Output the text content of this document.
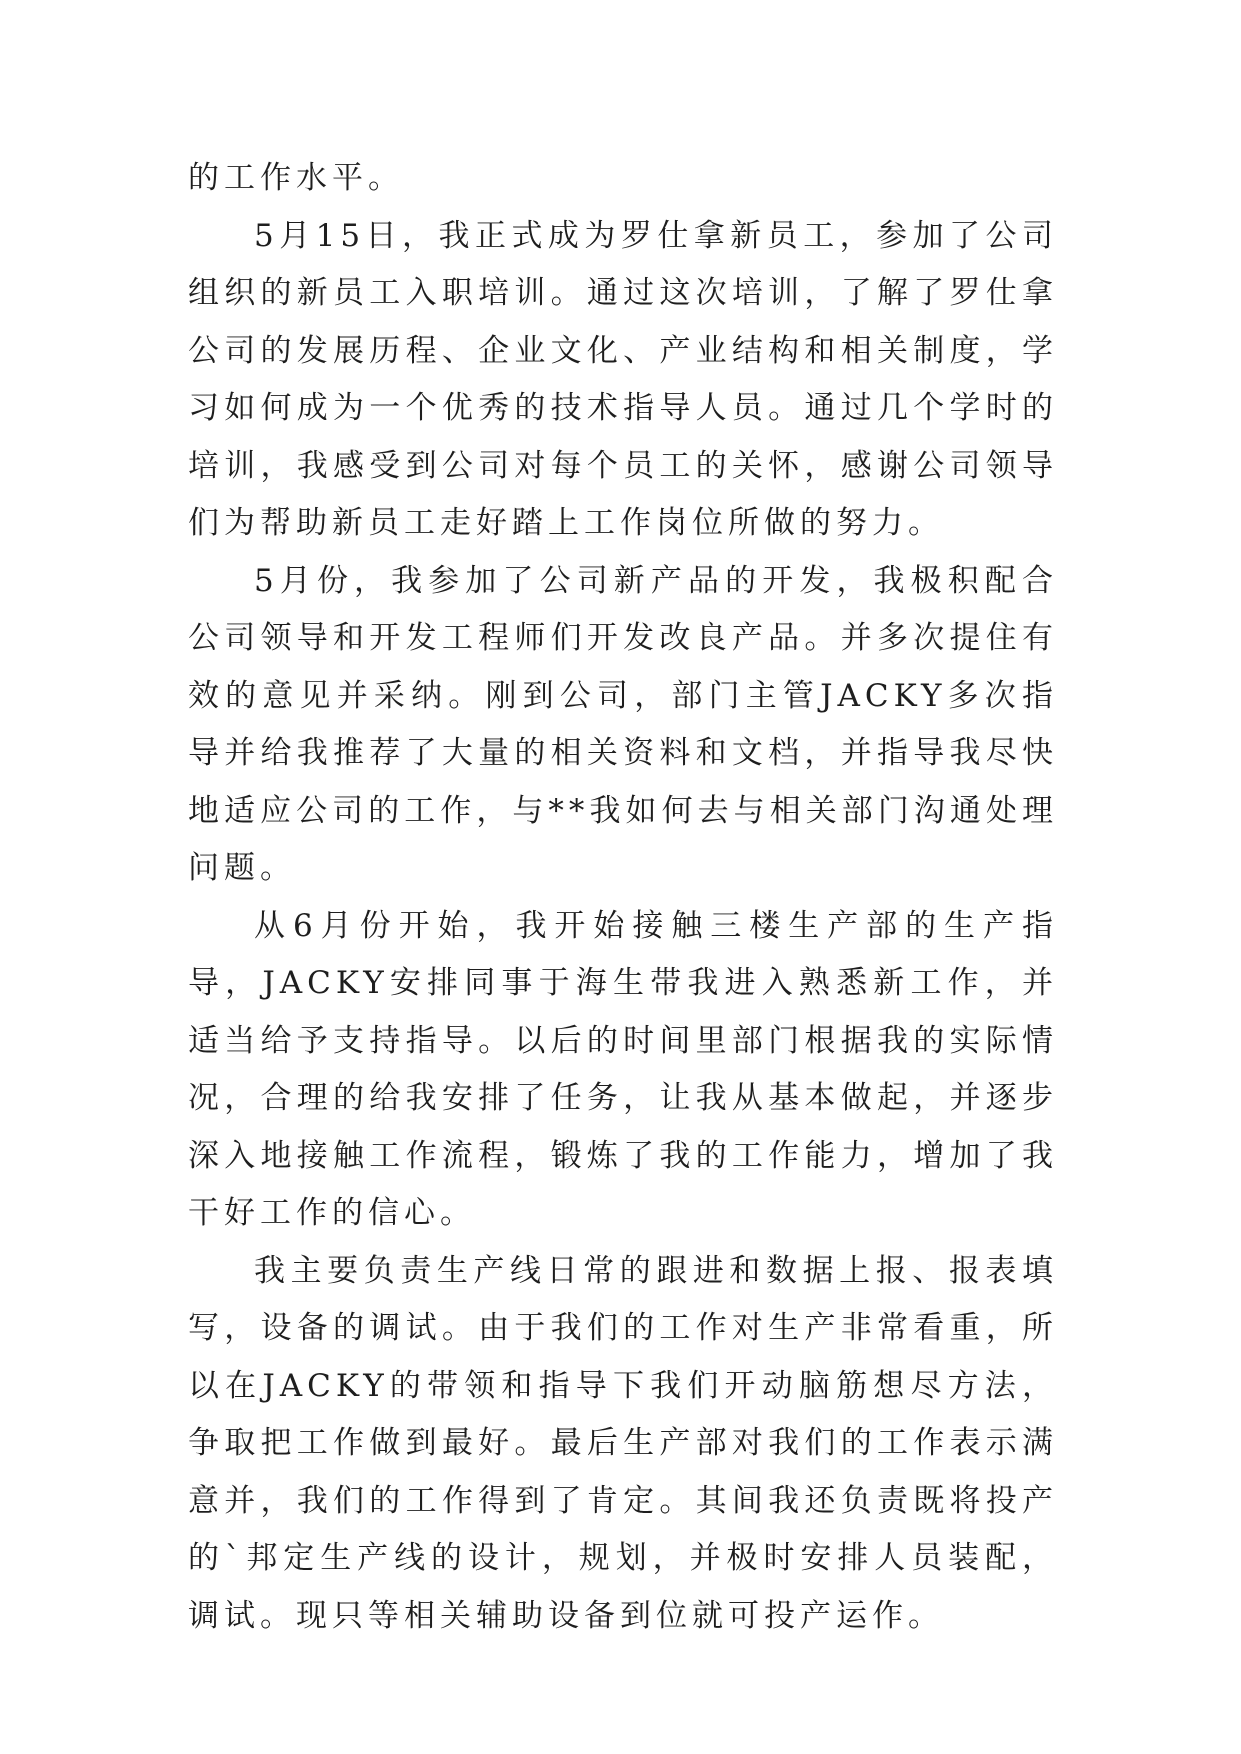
的工作水平。

5月15日，我正式成为罗仕拿新员工，参加了公司组织的新员工入职培训。通过这次培训，了解了罗仕拿公司的发展历程、企业文化、产业结构和相关制度，学习如何成为一个优秀的技术指导人员。通过几个学时的培训，我感受到公司对每个员工的关怀，感谢公司领导们为帮助新员工走好踏上工作岗位所做的努力。

5月份，我参加了公司新产品的开发，我极积配合公司领导和开发工程师们开发改良产品。并多次提住有效的意见并采纳。刚到公司，部门主管JACKY多次指导并给我推荐了大量的相关资料和文档，并指导我尽快地适应公司的工作，与**我如何去与相关部门沟通处理问题。

从6月份开始，我开始接触三楼生产部的生产指导，JACKY安排同事于海生带我进入熟悉新工作，并适当给予支持指导。以后的时间里部门根据我的实际情况，合理的给我安排了任务，让我从基本做起，并逐步深入地接触工作流程，锻炼了我的工作能力，增加了我干好工作的信心。

我主要负责生产线日常的跟进和数据上报、报表填写，设备的调试。由于我们的工作对生产非常看重，所以在JACKY的带领和指导下我们开动脑筋想尽方法，争取把工作做到最好。最后生产部对我们的工作表示满意并，我们的工作得到了肯定。其间我还负责既将投产的`邦定生产线的设计，规划，并极时安排人员装配，调试。现只等相关辅助设备到位就可投产运作。
